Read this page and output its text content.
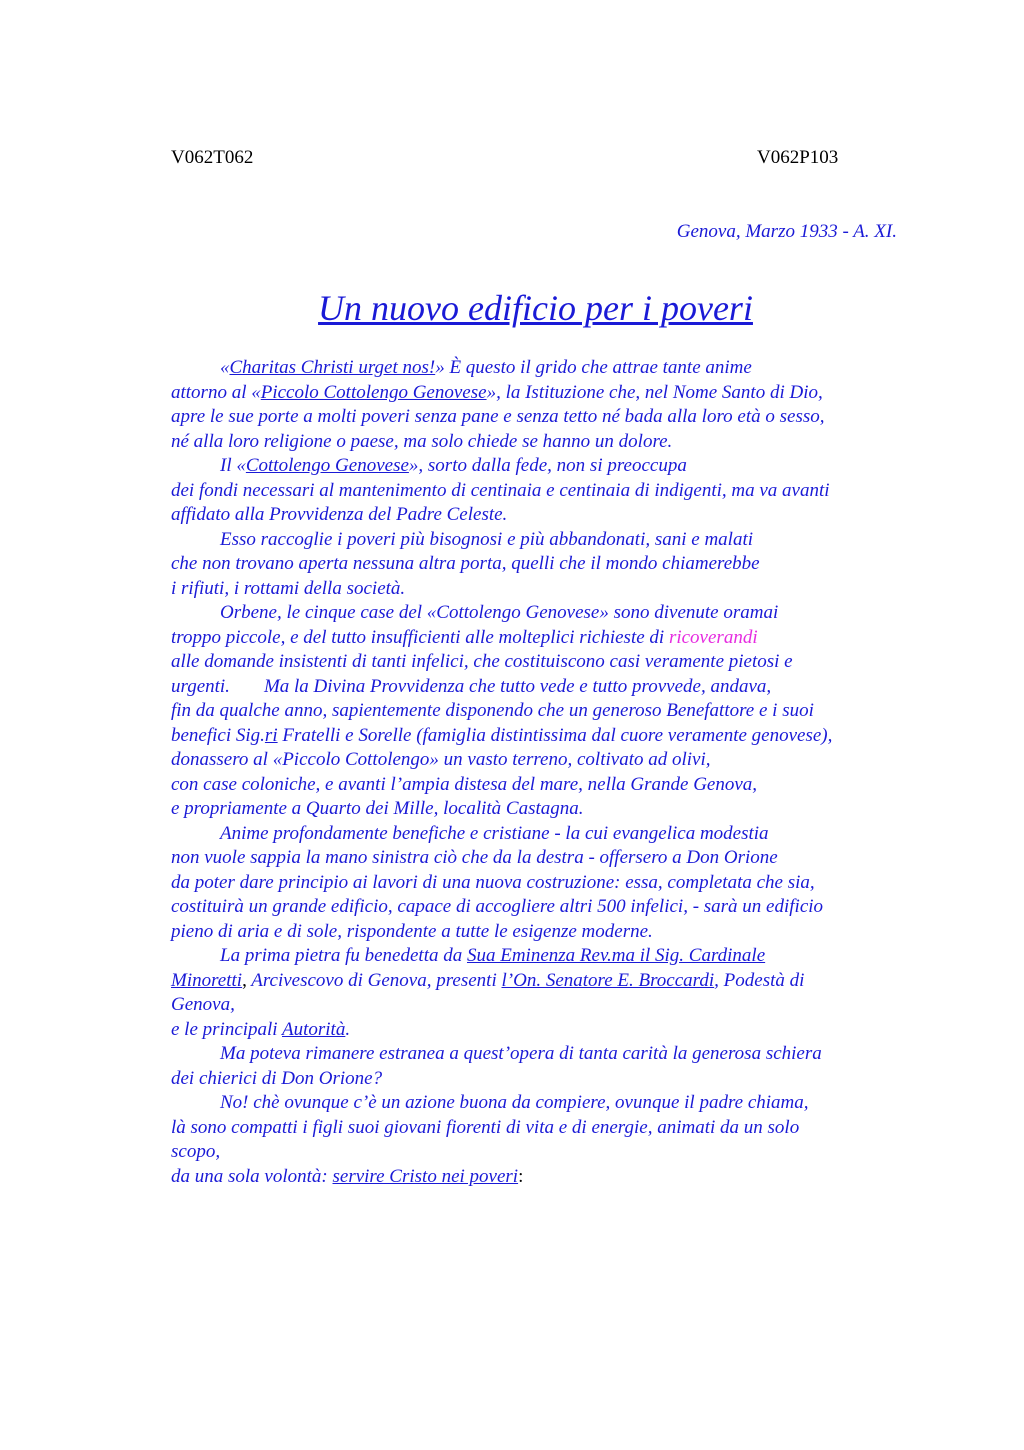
V062T062	V062P103
Genova, Marzo 1933 - A. XI.
Un nuovo edificio per i poveri
«Charitas Christi urget nos!» È questo il grido che attrae tante anime
attorno al «Piccolo Cottolengo Genovese», la Istituzione che, nel Nome Santo di Dio,
apre le sue porte a molti poveri senza pane e senza tetto né bada alla loro età o sesso,
né alla loro religione o paese, ma solo chiede se hanno un dolore.
Il «Cottolengo Genovese», sorto dalla fede, non si preoccupa
dei fondi necessari al mantenimento di centinaia e centinaia di indigenti, ma va avanti
affidato alla Provvidenza del Padre Celeste.
Esso raccoglie i poveri più bisognosi e più abbandonati, sani e malati
che non trovano aperta nessuna altra porta, quelli che il mondo chiamerebbe
i rifiuti, i rottami della società.
Orbene, le cinque case del «Cottolengo Genovese» sono divenute oramai
troppo piccole, e del tutto insufficienti alle molteplici richieste di ricoverandi
alle domande insistenti di tanti infelici, che costituiscono casi veramente pietosi e
urgenti. Ma la Divina Provvidenza che tutto vede e tutto provvede, andava,
fin da qualche anno, sapientemente disponendo che un generoso Benefattore e i suoi
benefici Sig.ri Fratelli e Sorelle (famiglia distintissima dal cuore veramente genovese),
donassero al «Piccolo Cottolengo» un vasto terreno, coltivato ad olivi,
con case coloniche, e avanti l’ampia distesa del mare, nella Grande Genova,
e propriamente a Quarto dei Mille, località Castagna.
Anime profondamente benefiche e cristiane - la cui evangelica modestia
non vuole sappia la mano sinistra ciò che da la destra - offersero a Don Orione
da poter dare principio ai lavori di una nuova costruzione: essa, completata che sia,
costituirà un grande edificio, capace di accogliere altri 500 infelici, - sarà un edificio
pieno di aria e di sole, rispondente a tutte le esigenze moderne.
La prima pietra fu benedetta da Sua Eminenza Rev.ma il Sig. Cardinale
Minoretti, Arcivescovo di Genova, presenti l’On. Senatore E. Broccardi, Podestà di
Genova,
e le principali Autorità.
Ma poteva rimanere estranea a quest’opera di tanta carità la generosa schiera
dei chierici di Don Orione?
No! chè ovunque c’è un azione buona da compiere, ovunque il padre chiama,
là sono compatti i figli suoi giovani fiorenti di vita e di energie, animati da un solo
scopo,
da una sola volontà: servire Cristo nei poveri:
